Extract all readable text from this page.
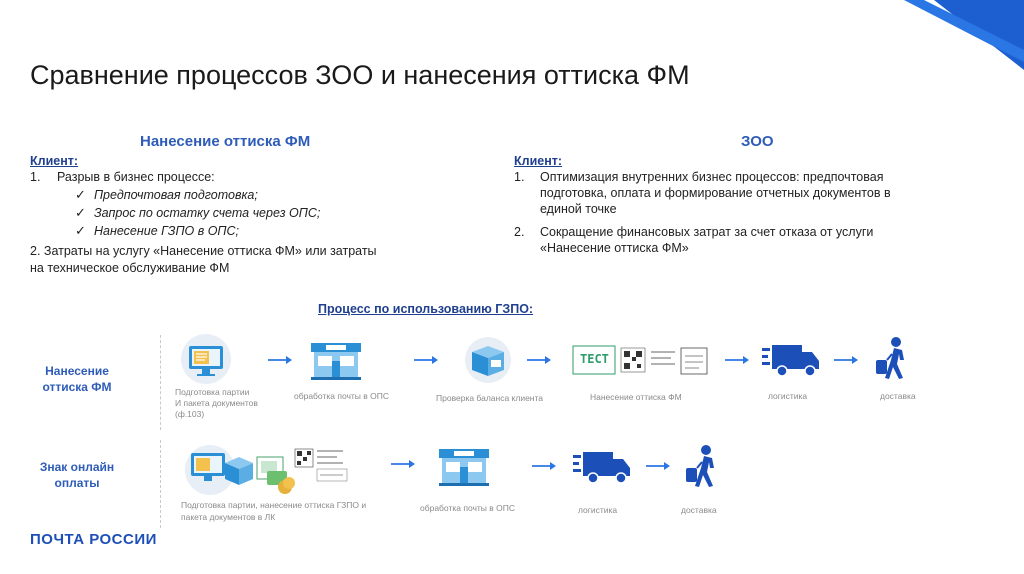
Сравнение процессов ЗОО и нанесения оттиска ФМ
Нанесение оттиска ФМ
Клиент:
1. Разрыв в бизнес процессе:
✓ Предпочтовая подготовка;
✓ Запрос по остатку счета через ОПС;
✓ Нанесение ГЗПО в ОПС;
2. Затраты на услугу «Нанесение оттиска ФМ» или затраты
на техническое обслуживание ФМ
ЗОО
Клиент:
1. Оптимизация внутренних бизнес процессов: предпочтовая
подготовка, оплата и формирование отчетных документов в
единой точке
2. Сокращение финансовых затрат за счет отказа от услуги
«Нанесение оттиска ФМ»
Процесс по использованию ГЗПО:
Нанесение оттиска ФМ
Знак онлайн оплаты
ТЕСТ
Подготовка партии
И пакета документов
(ф.103)
обработка почты в ОПС	Проверка баланса клиента	Нанесение оттиска ФМ	логистика	доставка
Подготовка партии, нанесение оттиска ГЗПО и
пакета документов в ЛК
обработка почты в ОПС	логистика	доставка
ПОЧТА РОССИИ
